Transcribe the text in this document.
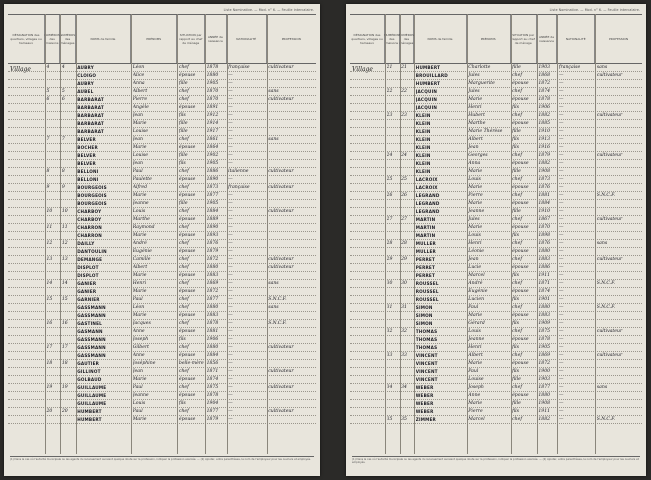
Liste Nominative. — Mod. n° 6. — Feuille intercalaire.
DÉSIGNATION des quartiers, villages ou hameaux
NUMÉROS des maisons
NUMÉROS des ménages
NOMS de famille	PRÉNOMS
SITUATION par rapport au chef de ménage
ANNÉE de naissance	NATIONALITÉ	PROFESSION
Village	4	4	AUBRY	Léon	chef	1878	française	cultivateur
CLOIGO	Alice	épouse	1880	—
AUBRY	Anna	fille	1905	—
5	5	AUBEL	Albert	chef	1870	—	sans
6	6	BARBARAT	Pierre	chef	1870	—	cultivateur
BARBARAT	Angèle	épouse	1891	—
BARBARAT	Jean	fils	1912	—
BARBARAT	Marie	fille	1914	—
BARBARAT	Louise	fille	1917	—
7	7	BELVER	Jean	chef	1861	—	sans
BOCHER	Marie	épouse	1864	—
BELVER	Louise	fille	1902	—
BELVER	Jean	fils	1905	—
8	8	BELLONI	Paul	chef	1886	italienne	cultivateur
BELLONI	Paulette	épouse	1890	—
9	9	BOURGEOIS	Alfred	chef	1873	française	cultivateur
BOURGEOIS	Marie	épouse	1877	—
BOURGEOIS	Jeanne	fille	1905	—
10	10	CHARBOY	Louis	chef	1884	—	cultivateur
CHARBOY	Marthe	épouse	1889	—
11	11	CHARRON	Raymond	chef	1890	—
CHARRON	Marie	épouse	1893	—
12	12	DAILLY	André	chef	1876	—
DANTOULIN	Eugénie	épouse	1879	—
13	13	DEMANGE	Camille	chef	1872	—	cultivateur
DISPLOT	Albert	chef	1880	—	cultivateur
DISPLOT	Marie	épouse	1883	—
14	14	GANIER	Henri	chef	1869	—	sans
GANIER	Marie	épouse	1872	—
15	15	GARNIER	Paul	chef	1877	—	S.N.C.F.
GASSMANN	Léon	chef	1880	—	sans
GASSMANN	Marie	épouse	1883	—
16	16	GASTINEL	Jacques	chef	1878	—	S.N.C.F.
GASMANN	Anne	épouse	1881	—
GASSMANN	Joseph	fils	1906	—
17	17	GASSMANN	Gilbert	chef	1880	—	cultivateur
GASSMANN	Anne	épouse	1884	—
18	18	GAUTIER	Joséphine	belle-mère 1856	—
GILLINOT	Jean	chef	1871	—	cultivateur
GOLBAUD	Marie	épouse	1874	—
19	19	GUILLAUME	Paul	chef	1875	—	cultivateur
GUILLAUME	Jeanne	épouse	1878	—
GUILLAUME	Louis	fils	1904	—
20	20	HUMBERT	Paul	chef	1877	—	cultivateur
HUMBERT	Marie	épouse	1879	—
(1) Dans le cas où l'autorité municipale ou les agents du recensement auraient quelque doute sur la profession, indiquer la profession exercée. — (2) Ajouter, entre parenthèses, le nom de l'employeur pour les ouvriers et employés.
Liste Nominative. — Mod. n° 6. — Feuille intercalaire.
DÉSIGNATION des quartiers, villages ou hameaux
NUMÉROS des maisons
NUMÉROS des ménages
NOMS de famille	PRÉNOMS
SITUATION par rapport au chef de ménage
ANNÉE de naissance	NATIONALITÉ	PROFESSION
Village	21	21	HUMBERT	Charlotte	fille	1903	française	sans
BROUILLARD	Jules	chef	1868	—	cultivateur
HUMBERT	Marguerite	épouse	1872	—
22	22	JACQUIN	Jules	chef	1874	—
JACQUIN	Marie	épouse	1878	—
JACQUIN	Henri	fils	1906	—
23	23	KLEIN	Hubert	chef	1882	—	cultivateur
KLEIN	Marthe	épouse	1885	—
KLEIN	Marie Thérèse	fille	1910	—
KLEIN	Albert	fils	1913	—
KLEIN	Jean	fils	1916	—
24	24	KLEIN	Georges	chef	1879	—	cultivateur
KLEIN	Anna	épouse	1882	—
KLEIN	Marie	fille	1908	—
25	25	LACROIX	Louis	chef	1873	—
LACROIX	Marie	épouse	1876	—
26	26	LEGRAND	Pierre	chef	1881	—	S.N.C.F.
LEGRAND	Marie	épouse	1884	—
LEGRAND	Jeanne	fille	1910	—
27	27	MARTIN	Jules	chef	1867	—	cultivateur
MARTIN	Marie	épouse	1870	—
MARTIN	Louis	fils	1898	—
28	28	MULLER	Henri	chef	1876	—	sans
MULLER	Léonie	épouse	1880	—
29	29	PERRET	Jean	chef	1883	—	cultivateur
PERRET	Lucie	épouse	1886	—
PERRET	Marcel	fils	1911	—
30	30	ROUSSEL	André	chef	1871	—	S.N.C.F.
ROUSSEL	Eugénie	épouse	1874	—
ROUSSEL	Lucien	fils	1901	—
31	31	SIMON	Paul	chef	1880	—	S.N.C.F.
SIMON	Marie	épouse	1883	—
SIMON	Gérard	fils	1909	—
32	32	THOMAS	Louis	chef	1875	—	cultivateur
THOMAS	Jeanne	épouse	1878	—
THOMAS	Henri	fils	1905	—
33	33	VINCENT	Albert	chef	1869	—	cultivateur
VINCENT	Marie	épouse	1872	—
VINCENT	Paul	fils	1900	—
VINCENT	Louise	fille	1903	—
34	34	WEBER	Joseph	chef	1877	—	sans
WEBER	Anne	épouse	1880	—
WEBER	Marie	fille	1908	—
WEBER	Pierre	fils	1911	—
35	35	ZIMMER	Marcel	chef	1882	—	S.N.C.F.
(1) Dans le cas où l'autorité municipale ou les agents du recensement auraient quelque doute sur la profession, indiquer la profession exercée. — (2) Ajouter, entre parenthèses, le nom de l'employeur pour les ouvriers et employés.
